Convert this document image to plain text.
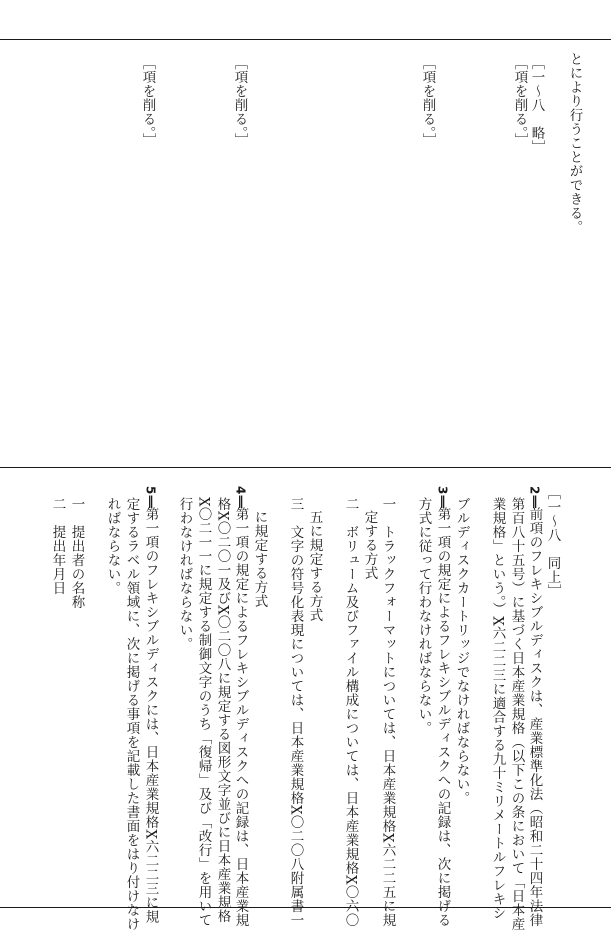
とにより行うことができる。
［一～八　略］
［項を削る。］
［項を削る。］
［項を削る。］
［項を削る。］
［一～八　同上］
2‖前項のフレキシブルディスクは、産業標準化法（昭和二十四年法律
第百八十五号）に基づく日本産業規格（以下この条において「日本産
業規格」という。）X六二二三に適合する九十ミリメートルフレキシ
ブルディスクカートリッジでなければならない。
3‖第一項の規定によるフレキシブルディスクへの記録は、次に掲げる
方式に従って行わなければならない。
一　トラックフォーマットについては、日本産業規格X六二二五に規
定する方式
二　ボリューム及びファイル構成については、日本産業規格X〇六〇
五に規定する方式
三　文字の符号化表現については、日本産業規格X〇二〇八附属書一
に規定する方式
4‖第一項の規定によるフレキシブルディスクへの記録は、日本産業規
格X〇二〇一及びX〇二〇八に規定する図形文字並びに日本産業規格
X〇二一一に規定する制御文字のうち「復帰」及び「改行」を用いて
行わなければならない。
5‖第一項のフレキシブルディスクには、日本産業規格X六二二三に規
定するラベル領域に、次に掲げる事項を記載した書面をはり付けなけ
ればならない。
一　提出者の名称
二　提出年月日
